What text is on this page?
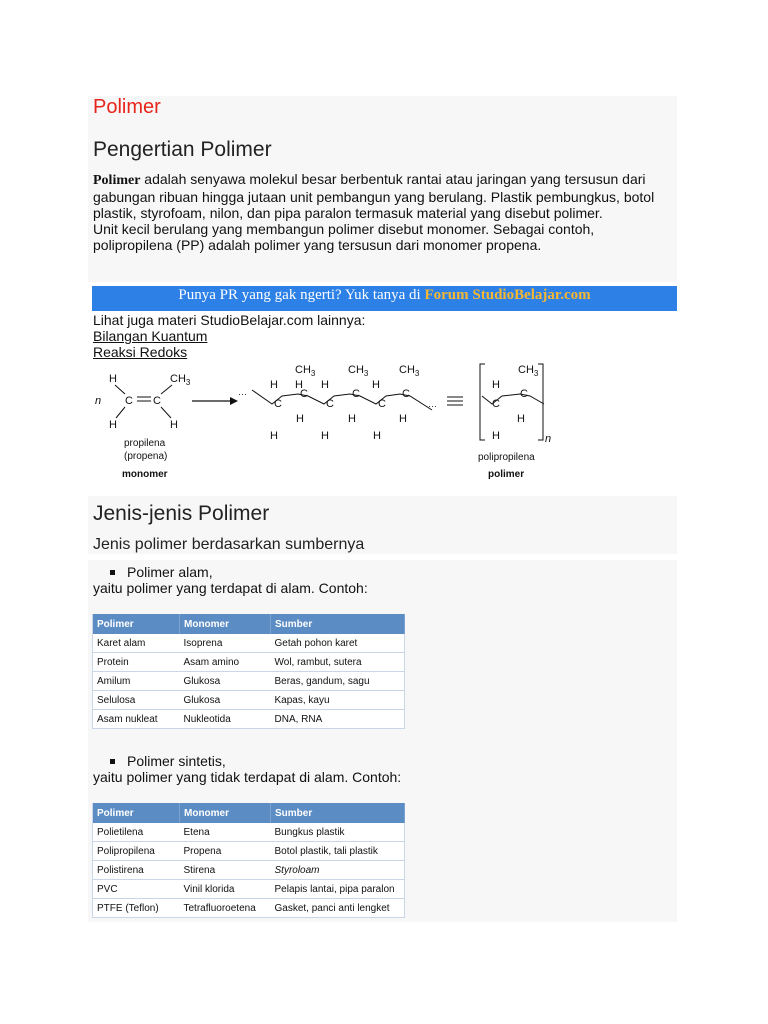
Polimer
Pengertian Polimer

Polimer adalah senyawa molekul besar berbentuk rantai atau jaringan yang tersusun dari gabungan ribuan hingga jutaan unit pembangun yang berulang. Plastik pembungkus, botol plastik, styrofoam, nilon, dan pipa paralon termasuk material yang disebut polimer.
Unit kecil berulang yang membangun polimer disebut monomer. Sebagai contoh, polipropilena (PP) adalah polimer yang tersusun dari monomer propena.

Punya PR yang gak ngerti? Yuk tanya di Forum StudioBelajar.com
Lihat juga materi StudioBelajar.com lainnya:
Bilangan Kuantum
Reaksi Redoks
n
H	$CH_3$
C C
H	H
propilena
(propena)
monomer
···
H H H	H
$CH_3$	$CH_3$	$CH_3$
C
C
C
C
C
C
H	H	H
H	H	H
···
n
$CH_3$
H
C
C
H
H
polipropilena
polimer
Jenis-jenis Polimer
Jenis polimer berdasarkan sumbernya
Polimer alam,
yaitu polimer yang terdapat di alam. Contoh:
Polimer	Monomer	Sumber
Karet alam	Isoprena	Getah pohon karet
Protein	Asam amino	Wol, rambut, sutera
Amilum	Glukosa	Beras, gandum, sagu
Selulosa	Glukosa	Kapas, kayu
Asam nukleat	Nukleotida	DNA, RNA
Polimer sintetis,
yaitu polimer yang tidak terdapat di alam. Contoh:
Polimer	Monomer	Sumber
Polietilena	Etena	Bungkus plastik
Polipropilena	Propena	Botol plastik, tali plastik
Polistirena	Stirena	Styroloam
PVC	Vinil klorida	Pelapis lantai, pipa paralon
PTFE (Teflon)	Tetrafluoroetena	Gasket, panci anti lengket
